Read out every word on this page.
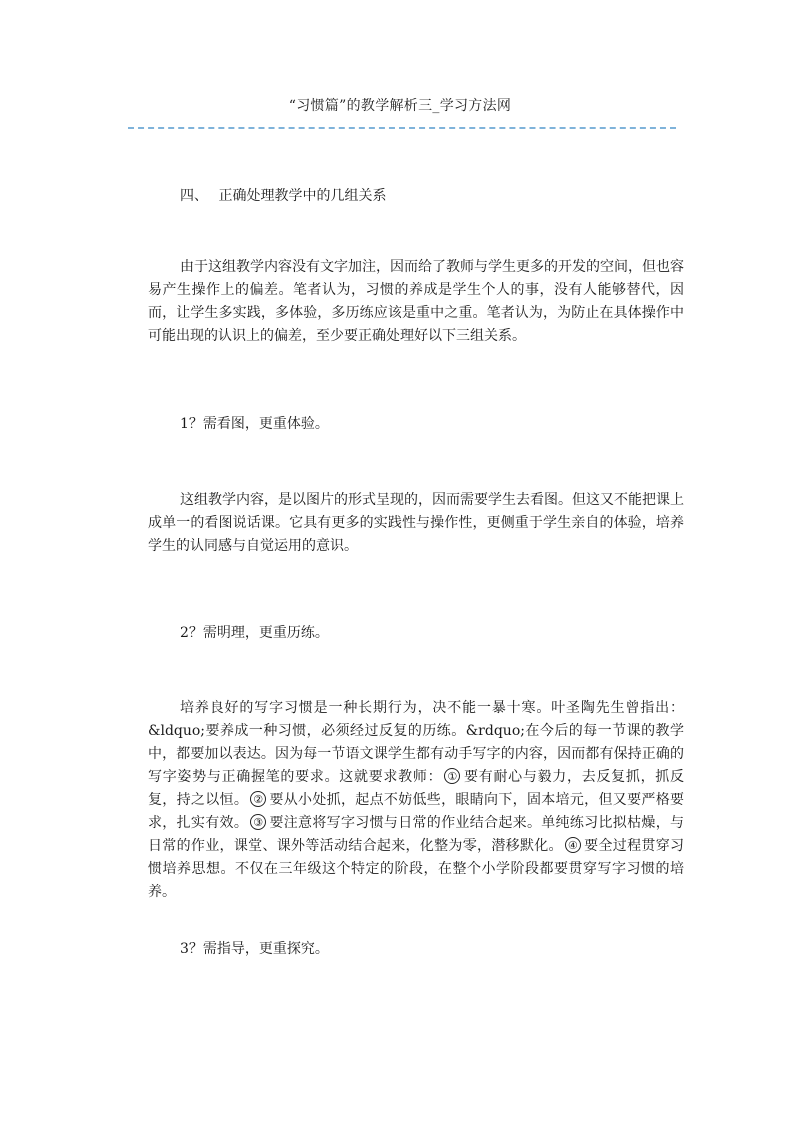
“习惯篇”的教学解析三_学习方法网
四、 正确处理教学中的几组关系

由于这组教学内容没有文字加注，因而给了教师与学生更多的开发的空间，但也容易产生操作上的偏差。笔者认为，习惯的养成是学生个人的事，没有人能够替代，因而，让学生多实践，多体验，多历练应该是重中之重。笔者认为，为防止在具体操作中可能出现的认识上的偏差，至少要正确处理好以下三组关系。

1？需看图，更重体验。

这组教学内容，是以图片的形式呈现的，因而需要学生去看图。但这又不能把课上成单一的看图说话课。它具有更多的实践性与操作性，更侧重于学生亲自的体验，培养学生的认同感与自觉运用的意识。

2？需明理，更重历练。

培养良好的写字习惯是一种长期行为，决不能一暴十寒。叶圣陶先生曾指出：&ldquo;要养成一种习惯，必须经过反复的历练。&rdquo;在今后的每一节课的教学中，都要加以表达。因为每一节语文课学生都有动手写字的内容，因而都有保持正确的写字姿势与正确握笔的要求。这就要求教师： ① 要有耐心与毅力，去反复抓，抓反复，持之以恒。 ② 要从小处抓，起点不妨低些，眼睛向下，固本培元，但又要严格要求，扎实有效。 ③ 要注意将写字习惯与日常的作业结合起来。单纯练习比拟枯燥，与日常的作业，课堂、课外等活动结合起来，化整为零，潜移默化。 ④ 要全过程贯穿习惯培养思想。不仅在三年级这个特定的阶段，在整个小学阶段都要贯穿写字习惯的培养。

3？需指导，更重探究。
